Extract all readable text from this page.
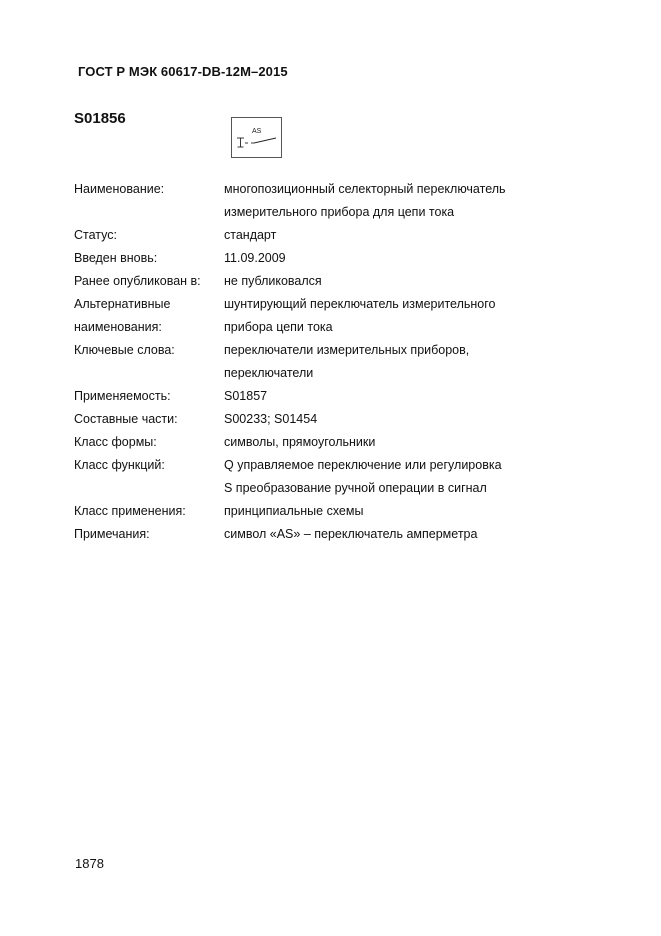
ГОСТ Р МЭК 60617-DB-12М–2015
S01856
AS
Наименование:	многопозиционный селекторный переключатель
измерительного прибора для цепи тока

Статус:	стандарт

Введен вновь:	11.09.2009

Ранее опубликован в:	не публиковался

Альтернативные
наименования:	шунтирующий переключатель измерительного
прибора цепи тока

Ключевые слова:	переключатели измерительных приборов,
переключатели

Применяемость:	S01857

Составные части:	S00233; S01454

Класс формы:	символы, прямоугольники

Класс функций:	Q управляемое переключение или регулировка
S преобразование ручной операции в сигнал

Класс применения:	принципиальные схемы

Примечания:	символ «AS» – переключатель амперметра
1878
